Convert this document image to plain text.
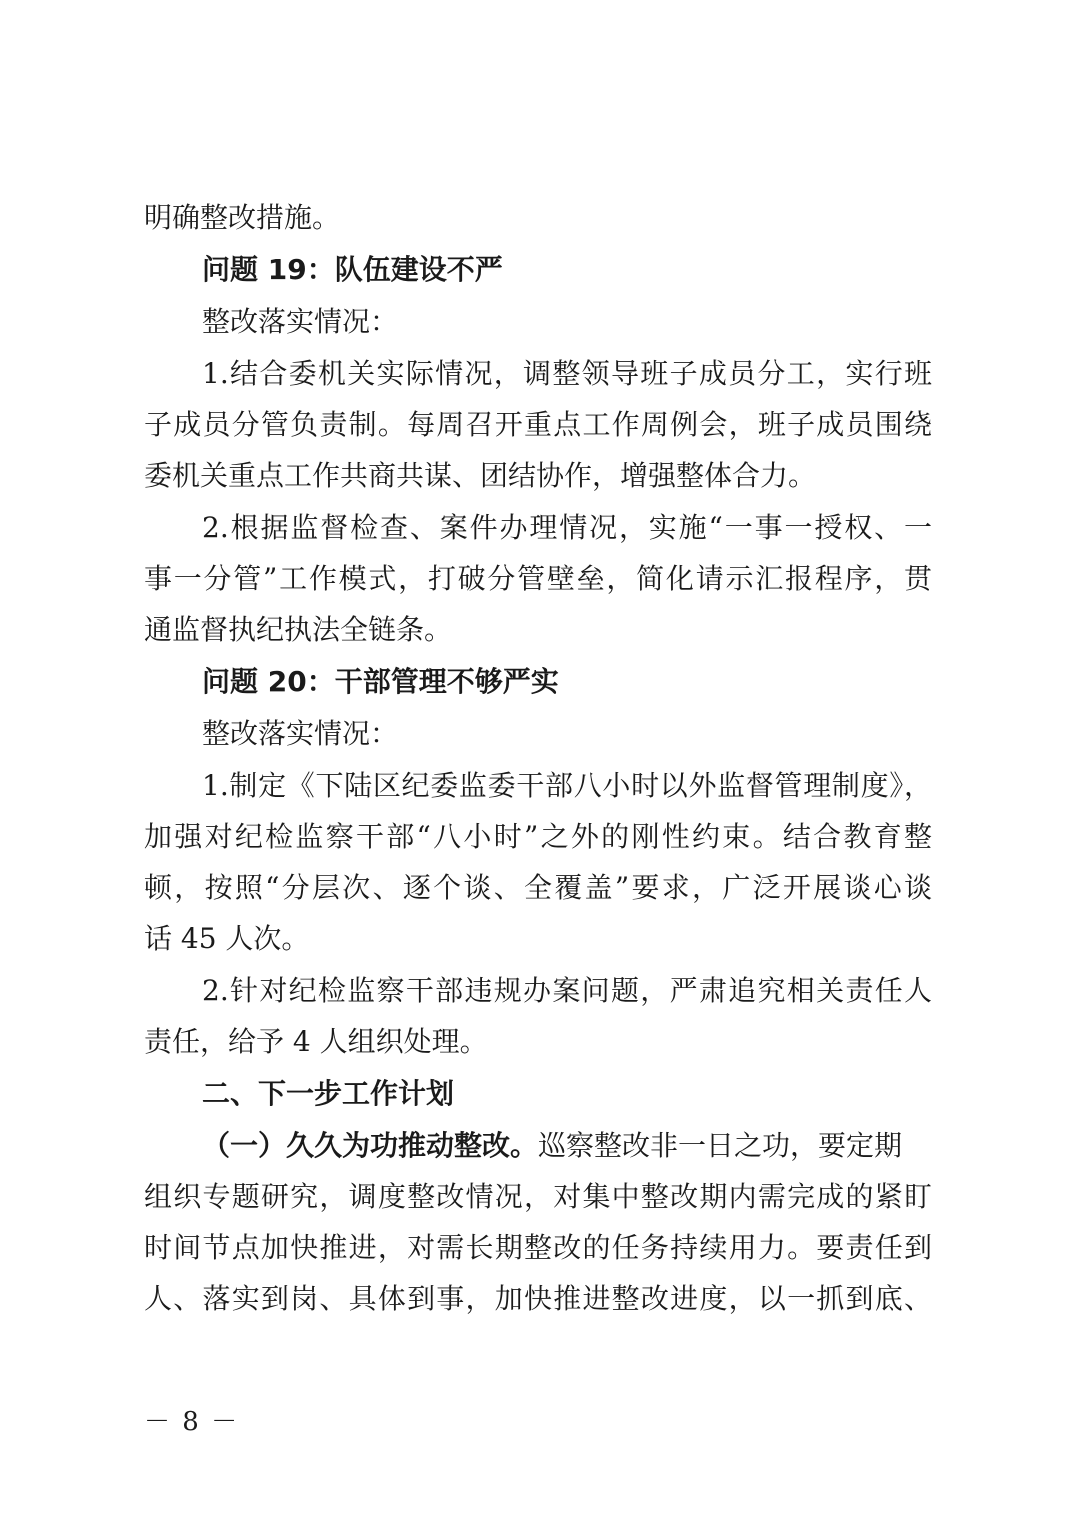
明确整改措施。
问题 19：队伍建设不严
整改落实情况：
1.结合委机关实际情况，调整领导班子成员分工，实行班
子成员分管负责制。每周召开重点工作周例会，班子成员围绕
委机关重点工作共商共谋、团结协作，增强整体合力。
2.根据监督检查、案件办理情况，实施“一事一授权、一
事一分管”工作模式，打破分管壁垒，简化请示汇报程序，贯
通监督执纪执法全链条。
问题 20：干部管理不够严实
整改落实情况：
1.制定《下陆区纪委监委干部八小时以外监督管理制度》，
加强对纪检监察干部“八小时”之外的刚性约束。结合教育整
顿，按照“分层次、逐个谈、全覆盖”要求，广泛开展谈心谈
话 45 人次。
2.针对纪检监察干部违规办案问题，严肃追究相关责任人
责任，给予 4 人组织处理。
二、下一步工作计划
（一）久久为功推动整改。巡察整改非一日之功，要定期
组织专题研究，调度整改情况，对集中整改期内需完成的紧盯
时间节点加快推进，对需长期整改的任务持续用力。要责任到
人、落实到岗、具体到事，加快推进整改进度，以一抓到底、
－ 8 －
